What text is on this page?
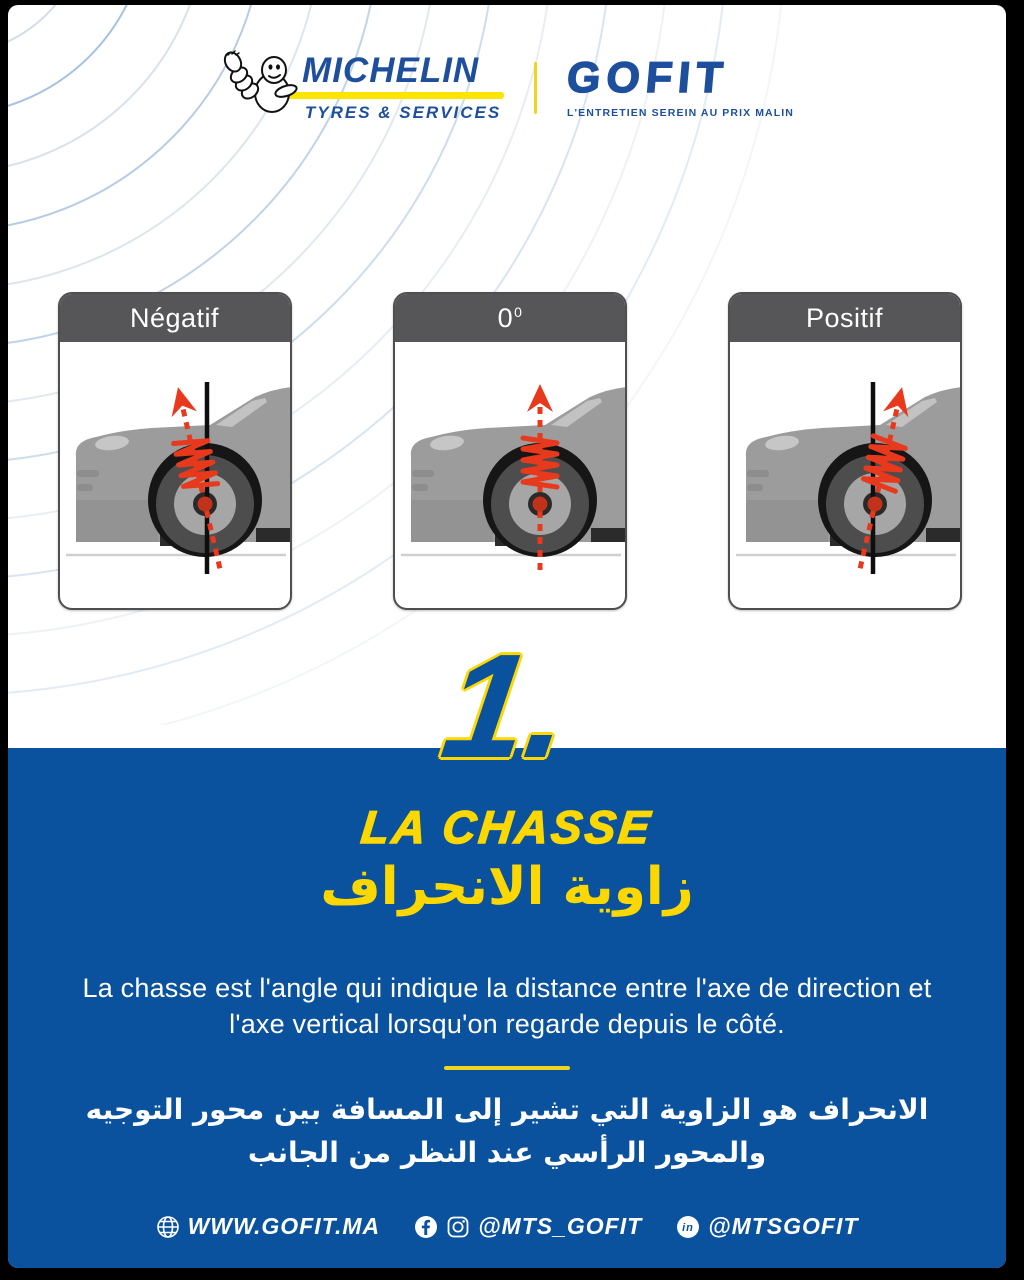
MICHELIN
TYRES & SERVICES
GOFIT
L'ENTRETIEN SEREIN AU PRIX MALIN
Négatif	$0^0$	Positif
1.
LA CHASSE
زاوية الانحراف
La chasse est l'angle qui indique la distance entre l'axe de direction et l'axe vertical lorsqu'on regarde depuis le côté.
الانحراف هو الزاوية التي تشير إلى المسافة بين محور التوجيه
والمحور الرأسي عند النظر من الجانب
WWW.GOFIT.MA	@MTS_GOFIT	in @MTSGOFIT
